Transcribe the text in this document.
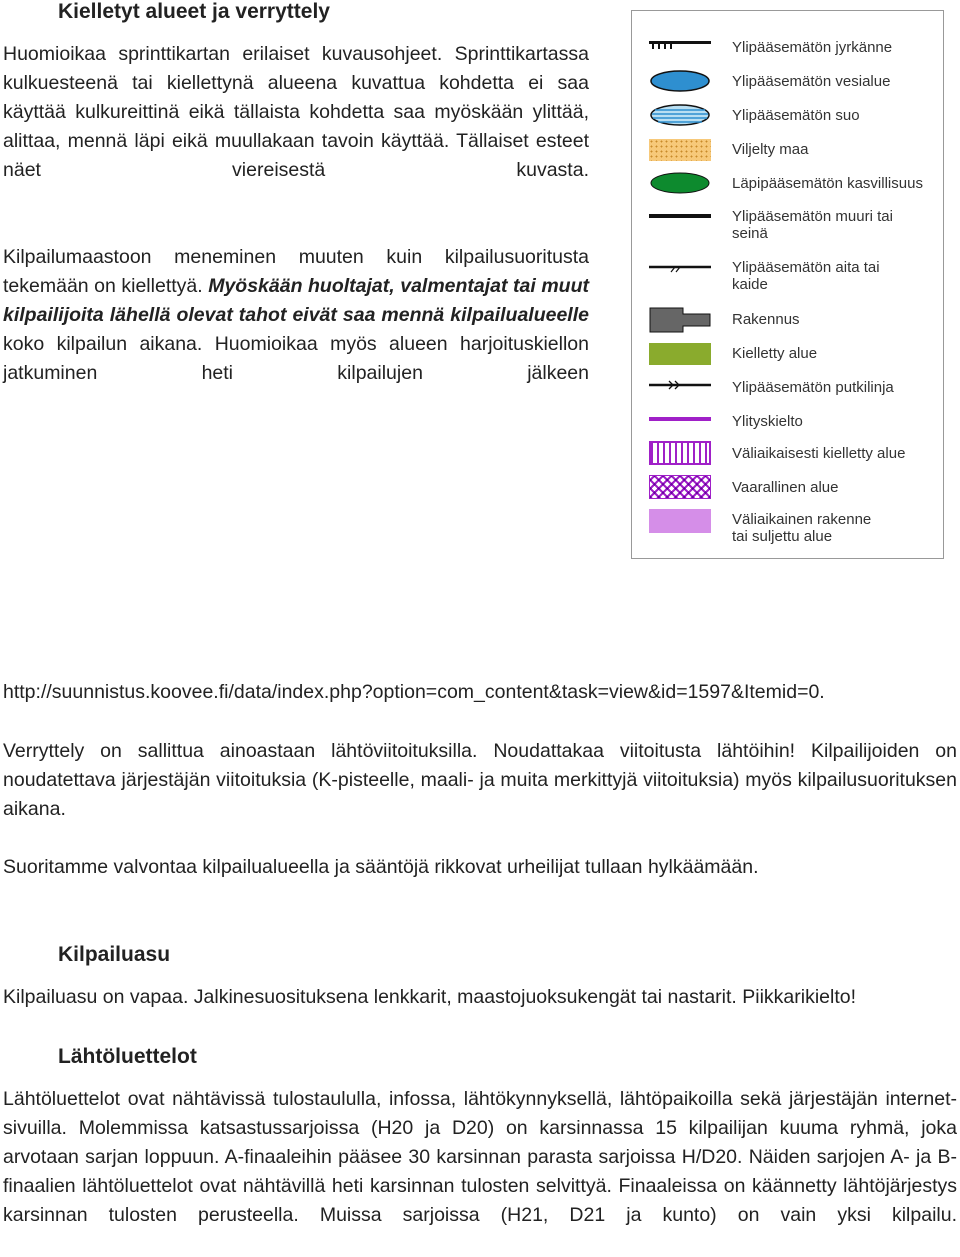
Kielletyt alueet ja verryttely
Huomioikaa sprinttikartan erilaiset kuvausohjeet. Sprinttikartassa kulkuesteenä tai kiellettynä alueena kuvattua kohdetta ei saa käyttää kulkureittinä eikä tällaista kohdetta saa myöskään ylittää, alittaa, mennä läpi eikä muullakaan tavoin käyttää. Tällaiset esteet näet viereisestä kuvasta.
Kilpailumaastoon meneminen muuten kuin kilpailusuoritusta tekemään on kiellettyä. Myöskään huoltajat, valmentajat tai muut kilpailijoita lähellä olevat tahot eivät saa mennä kilpailualueelle koko kilpailun aikana. Huomioikaa myös alueen harjoituskiellon jatkuminen heti kilpailujen jälkeen
http://suunnistus.koovee.fi/data/index.php?option=com_content&task=view&id=1597&Itemid=0.
Verryttely on sallittua ainoastaan lähtöviitoituksilla. Noudattakaa viitoitusta lähtöihin! Kilpailijoiden on noudatettava järjestäjän viitoituksia (K-pisteelle, maali- ja muita merkittyjä viitoituksia) myös kilpailusuorituksen aikana.
Suoritamme valvontaa kilpailualueella ja sääntöjä rikkovat urheilijat tullaan hylkäämään.
Kilpailuasu
Kilpailuasu on vapaa. Jalkinesuosituksena lenkkarit, maastojuoksukengät tai nastarit. Piikkarikielto!
Lähtöluettelot
Lähtöluettelot ovat nähtävissä tulostaululla, infossa, lähtökynnyksellä, lähtöpaikoilla sekä järjestäjän internet-sivuilla. Molemmissa katsastussarjoissa (H20 ja D20) on karsinnassa 15 kilpailijan kuuma ryhmä, joka arvotaan sarjan loppuun. A-finaaleihin pääsee 30 karsinnan parasta sarjoissa H/D20. Näiden sarjojen A- ja B-finaalien lähtöluettelot ovat nähtävillä heti karsinnan tulosten selvittyä. Finaaleissa on käännetty lähtöjärjestys karsinnan tulosten perusteella. Muissa sarjoissa (H21, D21 ja kunto) on vain yksi kilpailu.
Ylipääsemätön jyrkänne
Ylipääsemätön vesialue
Ylipääsemätön suo
Viljelty maa
Läpipääsemätön kasvillisuus
Ylipääsemätön muuri tai
seinä
Ylipääsemätön aita tai
kaide
Rakennus
Kielletty alue
Ylipääsemätön putkilinja
Ylityskielto
Väliaikaisesti kielletty alue
Vaarallinen alue
Väliaikainen rakenne
tai suljettu alue
